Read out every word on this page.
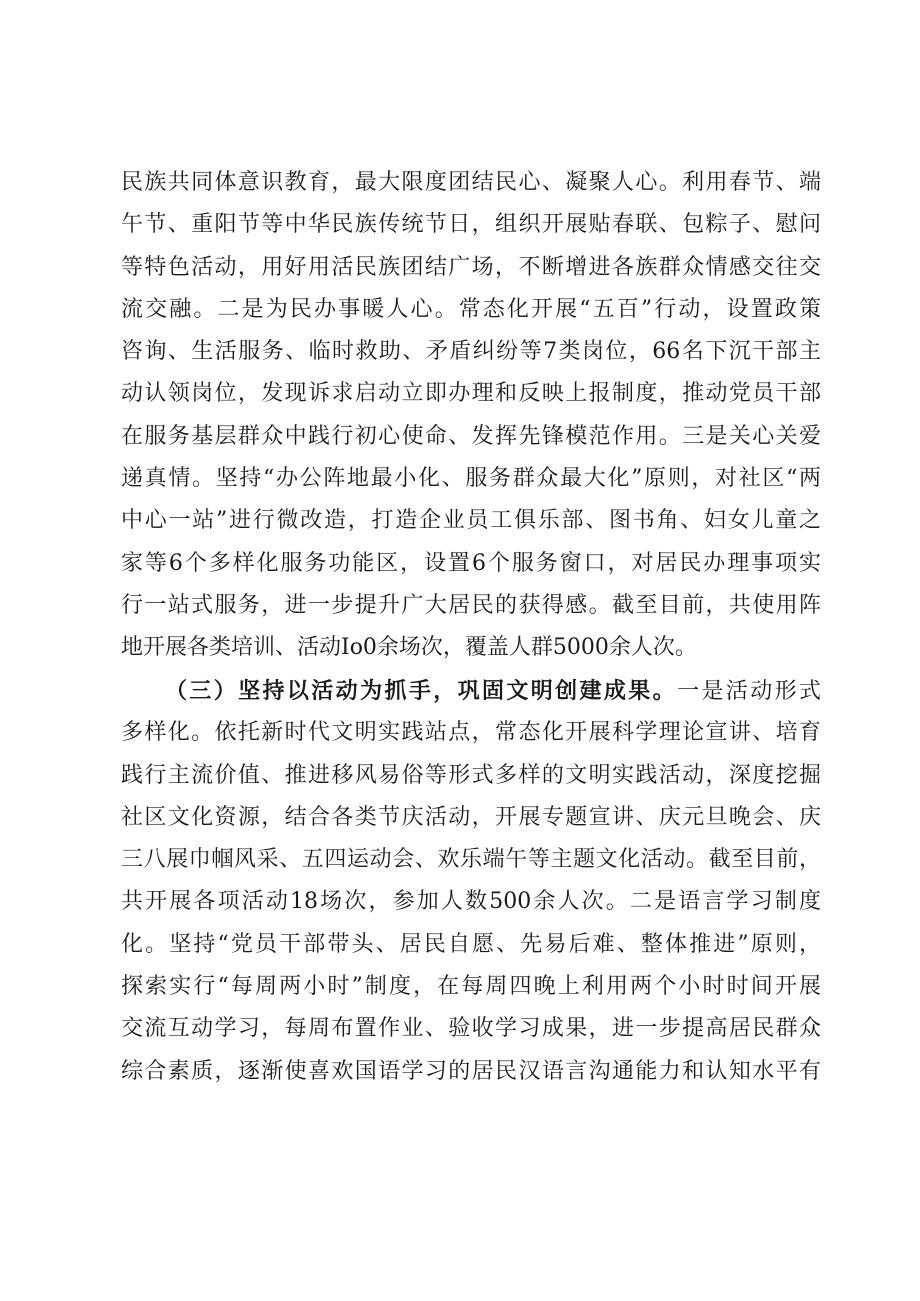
民族共同体意识教育，最大限度团结民心、凝聚人心。利用春节、端
午节、重阳节等中华民族传统节日，组织开展贴春联、包粽子、慰问
等特色活动，用好用活民族团结广场，不断增进各族群众情感交往交
流交融。二是为民办事暖人心。常态化开展“五百”行动，设置政策
咨询、生活服务、临时救助、矛盾纠纷等7类岗位，66名下沉干部主
动认领岗位，发现诉求启动立即办理和反映上报制度，推动党员干部
在服务基层群众中践行初心使命、发挥先锋模范作用。三是关心关爱
递真情。坚持“办公阵地最小化、服务群众最大化”原则，对社区“两
中心一站”进行微改造，打造企业员工俱乐部、图书角、妇女儿童之
家等6个多样化服务功能区，设置6个服务窗口，对居民办理事项实
行一站式服务，进一步提升广大居民的获得感。截至目前，共使用阵
地开展各类培训、活动Io0余场次，覆盖人群5000余人次。
（三）坚持以活动为抓手，巩固文明创建成果。一是活动形式
多样化。依托新时代文明实践站点，常态化开展科学理论宣讲、培育
践行主流价值、推进移风易俗等形式多样的文明实践活动，深度挖掘
社区文化资源，结合各类节庆活动，开展专题宣讲、庆元旦晚会、庆
三八展巾帼风采、五四运动会、欢乐端午等主题文化活动。截至目前，
共开展各项活动18场次，参加人数500余人次。二是语言学习制度
化。坚持“党员干部带头、居民自愿、先易后难、整体推进”原则，
探索实行“每周两小时”制度，在每周四晚上利用两个小时时间开展
交流互动学习，每周布置作业、验收学习成果，进一步提高居民群众
综合素质，逐渐使喜欢国语学习的居民汉语言沟通能力和认知水平有
